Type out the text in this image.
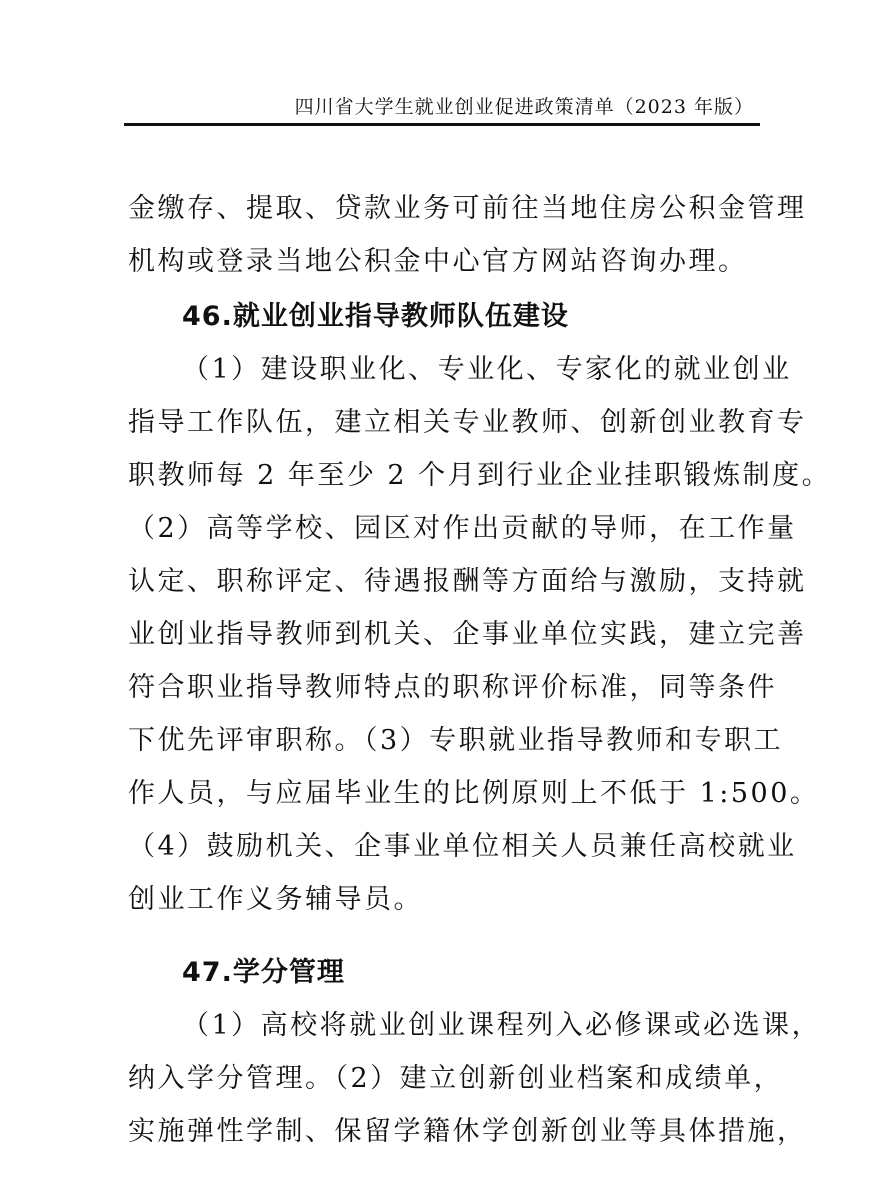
四川省大学生就业创业促进政策清单（2023 年版）
金缴存、提取、贷款业务可前往当地住房公积金管理
机构或登录当地公积金中心官方网站咨询办理。
46.就业创业指导教师队伍建设
（1）建设职业化、专业化、专家化的就业创业
指导工作队伍，建立相关专业教师、创新创业教育专
职教师每 2 年至少 2 个月到行业企业挂职锻炼制度。
（2）高等学校、园区对作出贡献的导师，在工作量
认定、职称评定、待遇报酬等方面给与激励，支持就
业创业指导教师到机关、企事业单位实践，建立完善
符合职业指导教师特点的职称评价标准，同等条件
下优先评审职称。（3）专职就业指导教师和专职工
作人员，与应届毕业生的比例原则上不低于 1:500。
（4）鼓励机关、企事业单位相关人员兼任高校就业
创业工作义务辅导员。
47.学分管理
（1）高校将就业创业课程列入必修课或必选课，
纳入学分管理。（2）建立创新创业档案和成绩单，
实施弹性学制、保留学籍休学创新创业等具体措施，
